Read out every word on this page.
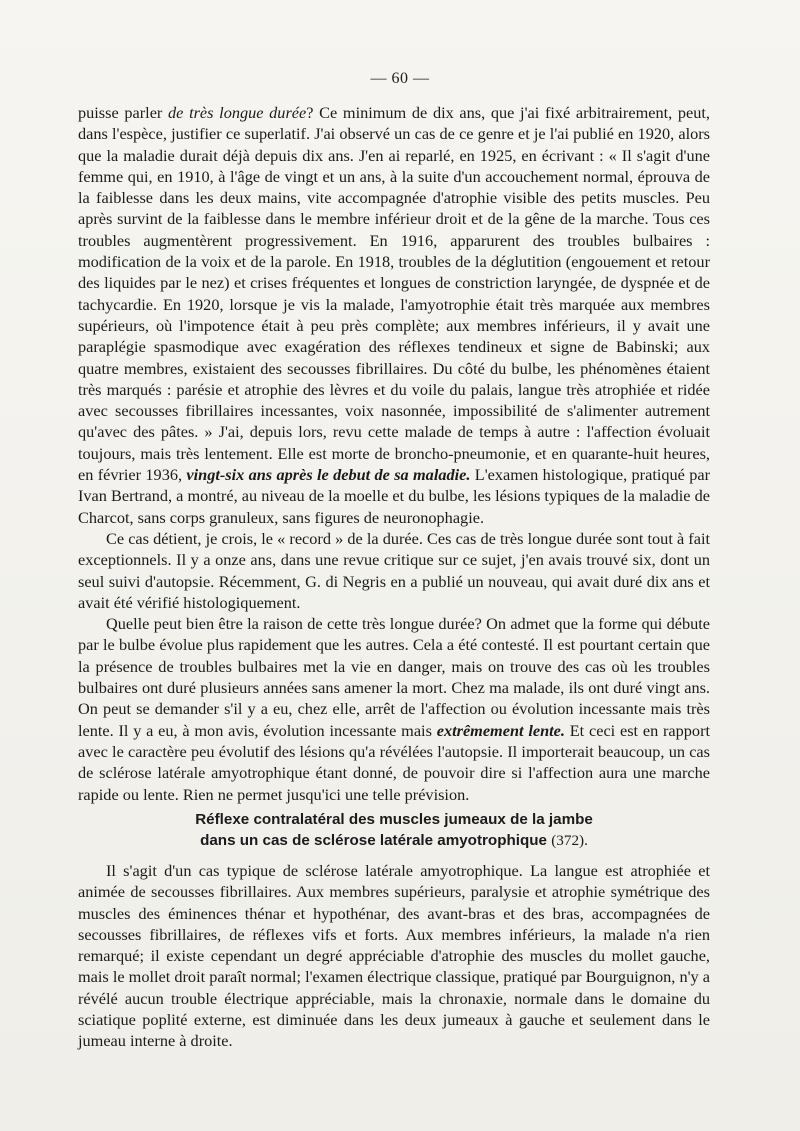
— 60 —

puisse parler de très longue durée? Ce minimum de dix ans, que j'ai fixé arbitrairement, peut, dans l'espèce, justifier ce superlatif. J'ai observé un cas de ce genre et je l'ai publié en 1920, alors que la maladie durait déjà depuis dix ans. J'en ai reparlé, en 1925, en écrivant : « Il s'agit d'une femme qui, en 1910, à l'âge de vingt et un ans, à la suite d'un accouchement normal, éprouva de la faiblesse dans les deux mains, vite accompagnée d'atrophie visible des petits muscles. Peu après survint de la faiblesse dans le membre inférieur droit et de la gêne de la marche. Tous ces troubles augmentèrent progressivement. En 1916, apparurent des troubles bulbaires : modification de la voix et de la parole. En 1918, troubles de la déglutition (engouement et retour des liquides par le nez) et crises fréquentes et longues de constriction laryngée, de dyspnée et de tachycardie. En 1920, lorsque je vis la malade, l'amyotrophie était très marquée aux membres supérieurs, où l'impotence était à peu près complète; aux membres inférieurs, il y avait une paraplégie spasmodique avec exagération des réflexes tendineux et signe de Babinski; aux quatre membres, existaient des secousses fibrillaires. Du côté du bulbe, les phénomènes étaient très marqués : parésie et atrophie des lèvres et du voile du palais, langue très atrophiée et ridée avec secousses fibrillaires incessantes, voix nasonnée, impossibilité de s'alimenter autrement qu'avec des pâtes. » J'ai, depuis lors, revu cette malade de temps à autre : l'affection évoluait toujours, mais très lentement. Elle est morte de broncho-pneumonie, et en quarante-huit heures, en février 1936, vingt-six ans après le debut de sa maladie. L'examen histologique, pratiqué par Ivan Bertrand, a montré, au niveau de la moelle et du bulbe, les lésions typiques de la maladie de Charcot, sans corps granuleux, sans figures de neuronophagie.

Ce cas détient, je crois, le « record » de la durée. Ces cas de très longue durée sont tout à fait exceptionnels. Il y a onze ans, dans une revue critique sur ce sujet, j'en avais trouvé six, dont un seul suivi d'autopsie. Récemment, G. di Negris en a publié un nouveau, qui avait duré dix ans et avait été vérifié histologiquement.

Quelle peut bien être la raison de cette très longue durée? On admet que la forme qui débute par le bulbe évolue plus rapidement que les autres. Cela a été contesté. Il est pourtant certain que la présence de troubles bulbaires met la vie en danger, mais on trouve des cas où les troubles bulbaires ont duré plusieurs années sans amener la mort. Chez ma malade, ils ont duré vingt ans. On peut se demander s'il y a eu, chez elle, arrêt de l'affection ou évolution incessante mais très lente. Il y a eu, à mon avis, évolution incessante mais extrêmement lente. Et ceci est en rapport avec le caractère peu évolutif des lésions qu'a révélées l'autopsie. Il importerait beaucoup, un cas de sclérose latérale amyotrophique étant donné, de pouvoir dire si l'affection aura une marche rapide ou lente. Rien ne permet jusqu'ici une telle prévision.

Réflexe contralatéral des muscles jumeaux de la jambe
dans un cas de sclérose latérale amyotrophique (372).

Il s'agit d'un cas typique de sclérose latérale amyotrophique. La langue est atrophiée et animée de secousses fibrillaires. Aux membres supérieurs, paralysie et atrophie symétrique des muscles des éminences thénar et hypothénar, des avant-bras et des bras, accompagnées de secousses fibrillaires, de réflexes vifs et forts. Aux membres inférieurs, la malade n'a rien remarqué; il existe cependant un degré appréciable d'atrophie des muscles du mollet gauche, mais le mollet droit paraît normal; l'examen électrique classique, pratiqué par Bourguignon, n'y a révélé aucun trouble électrique appréciable, mais la chronaxie, normale dans le domaine du sciatique poplité externe, est diminuée dans les deux jumeaux à gauche et seulement dans le jumeau interne à droite.
